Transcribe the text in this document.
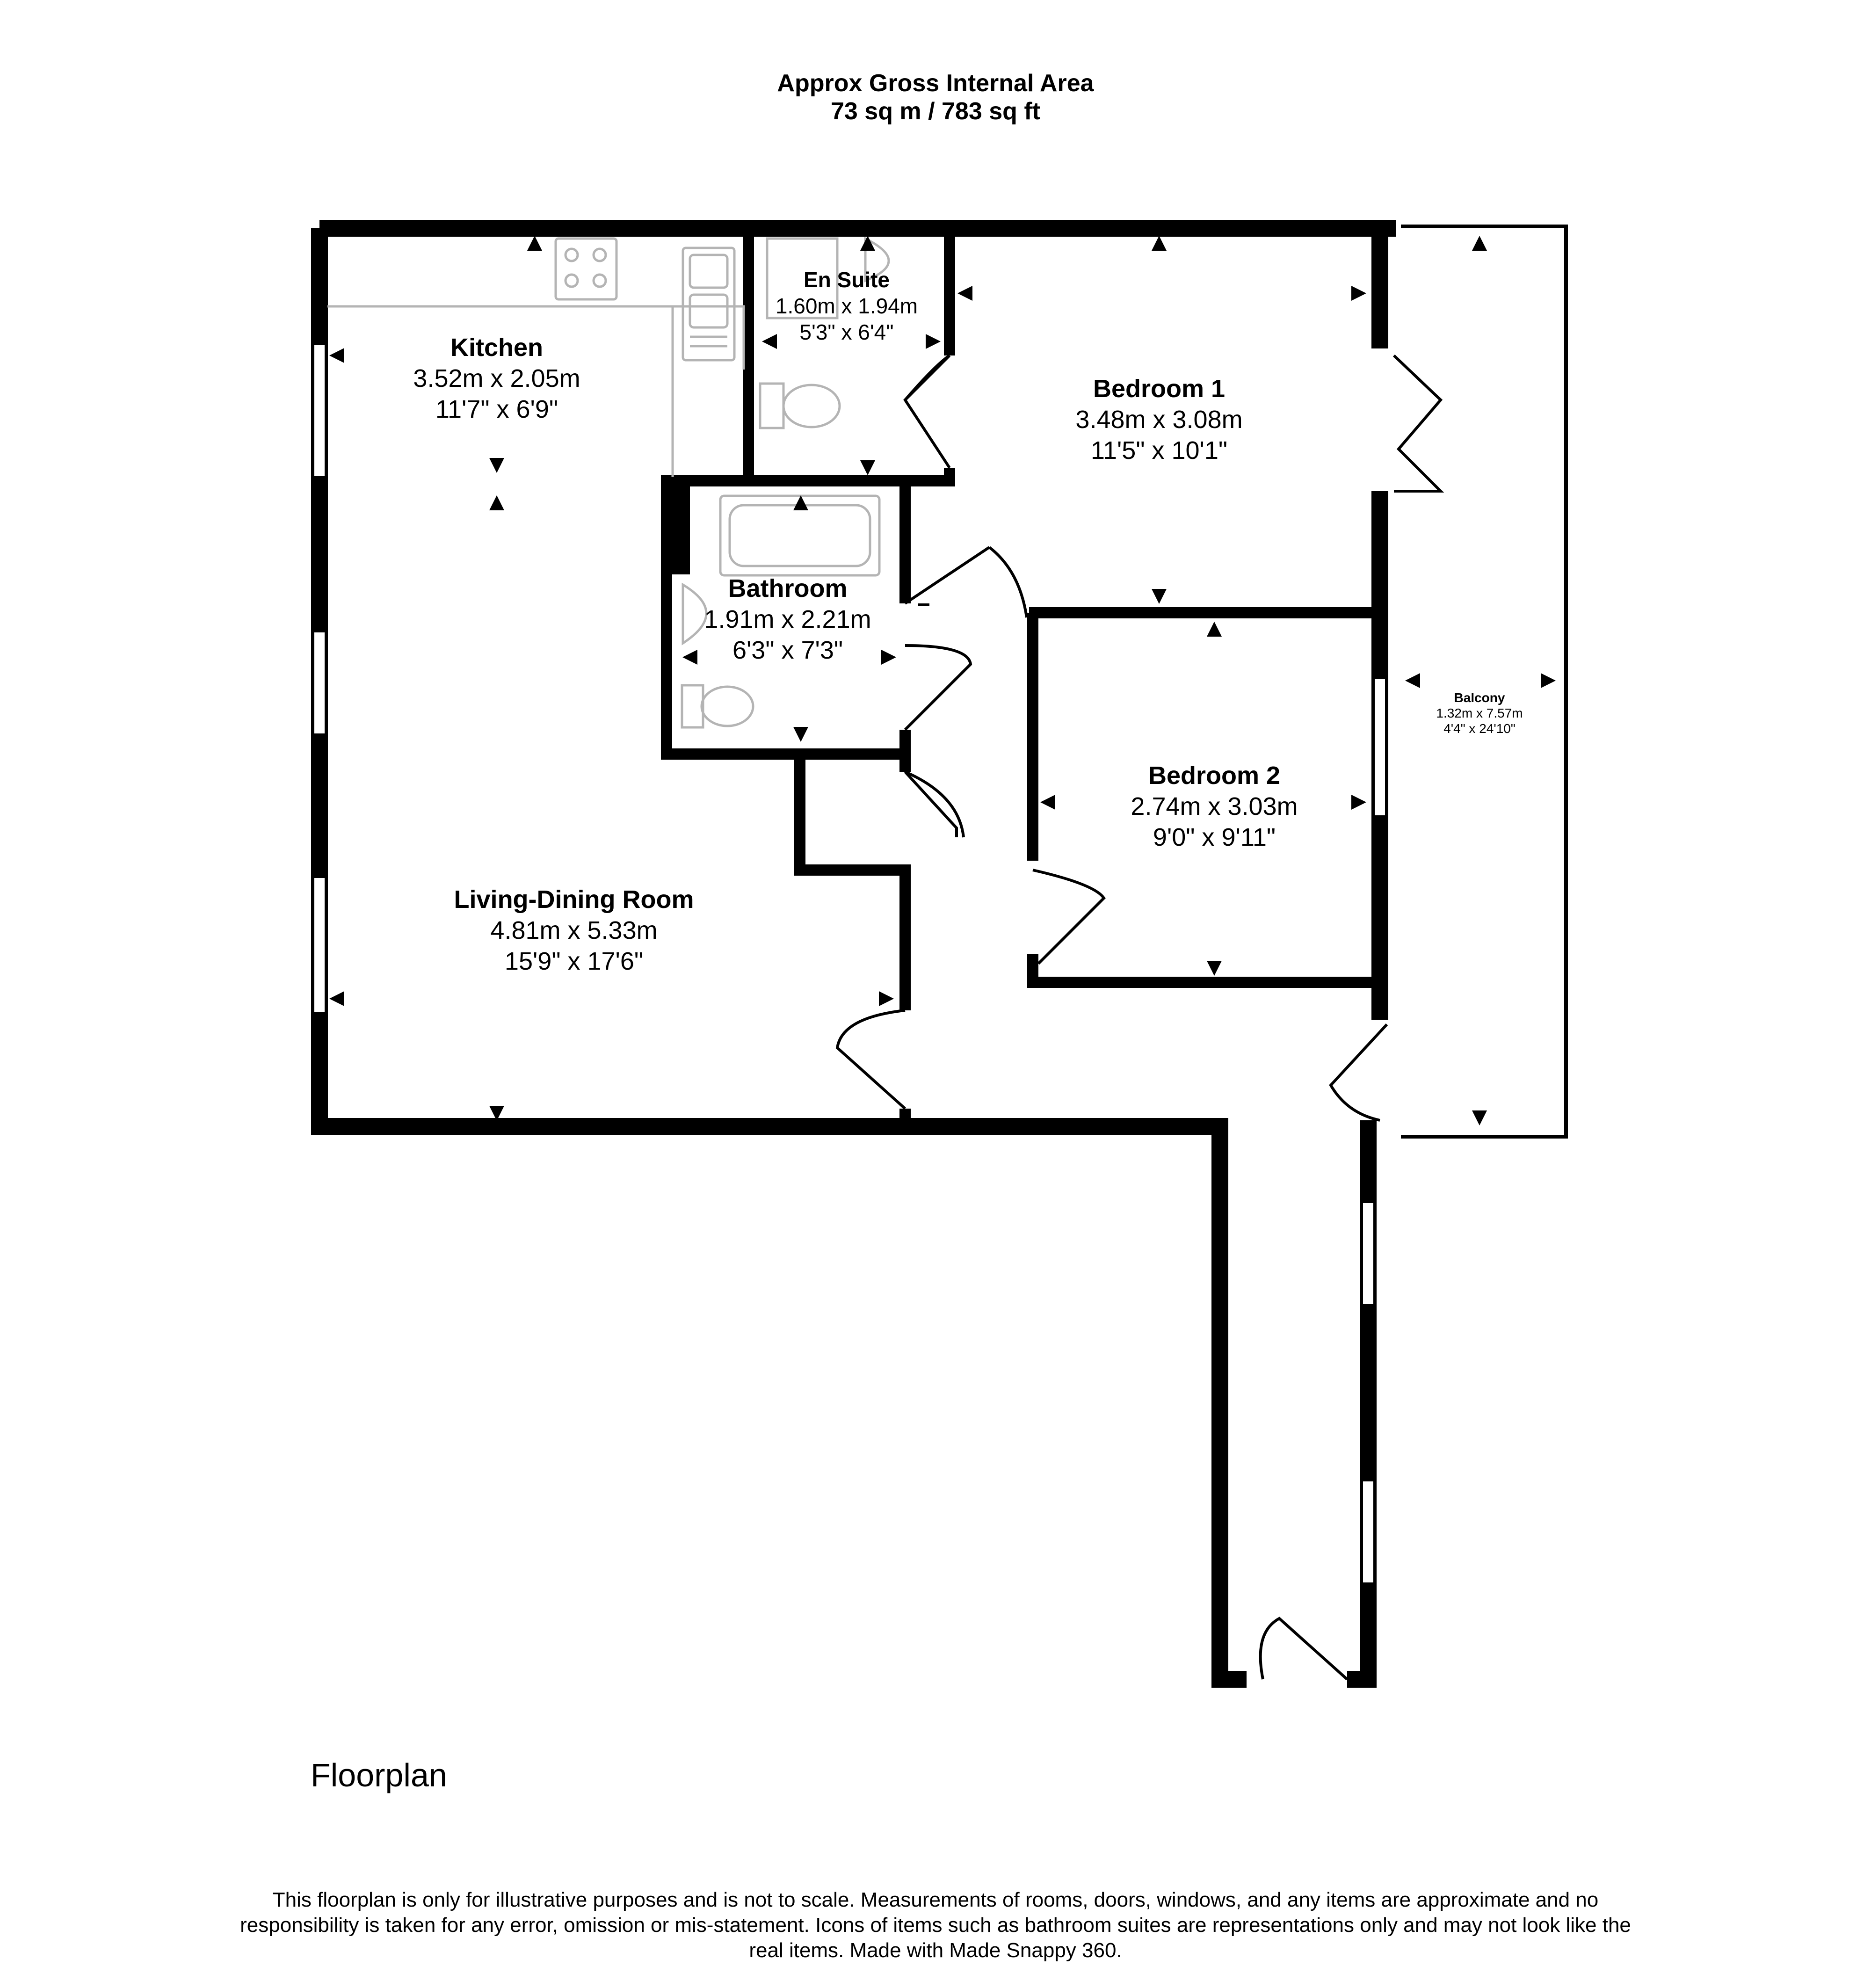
Approx Gross Internal Area
73 sq m / 783 sq ft
Kitchen
3.52m x 2.05m
11'7" x 6'9"
En Suite
1.60m x 1.94m
5'3" x 6'4"
Bedroom 1
3.48m x 3.08m
11'5" x 10'1"
Bathroom
1.91m x 2.21m
6'3" x 7'3"
Bedroom 2
2.74m x 3.03m
9'0" x 9'11"
Living-Dining Room
4.81m x 5.33m
15'9" x 17'6"
Balcony
1.32m x 7.57m
4'4" x 24'10"
Floorplan
This floorplan is only for illustrative purposes and is not to scale. Measurements of rooms, doors, windows, and any items are approximate and no responsibility is taken for any error, omission or mis-statement. Icons of items such as bathroom suites are representations only and may not look like the real items. Made with Made Snappy 360.
